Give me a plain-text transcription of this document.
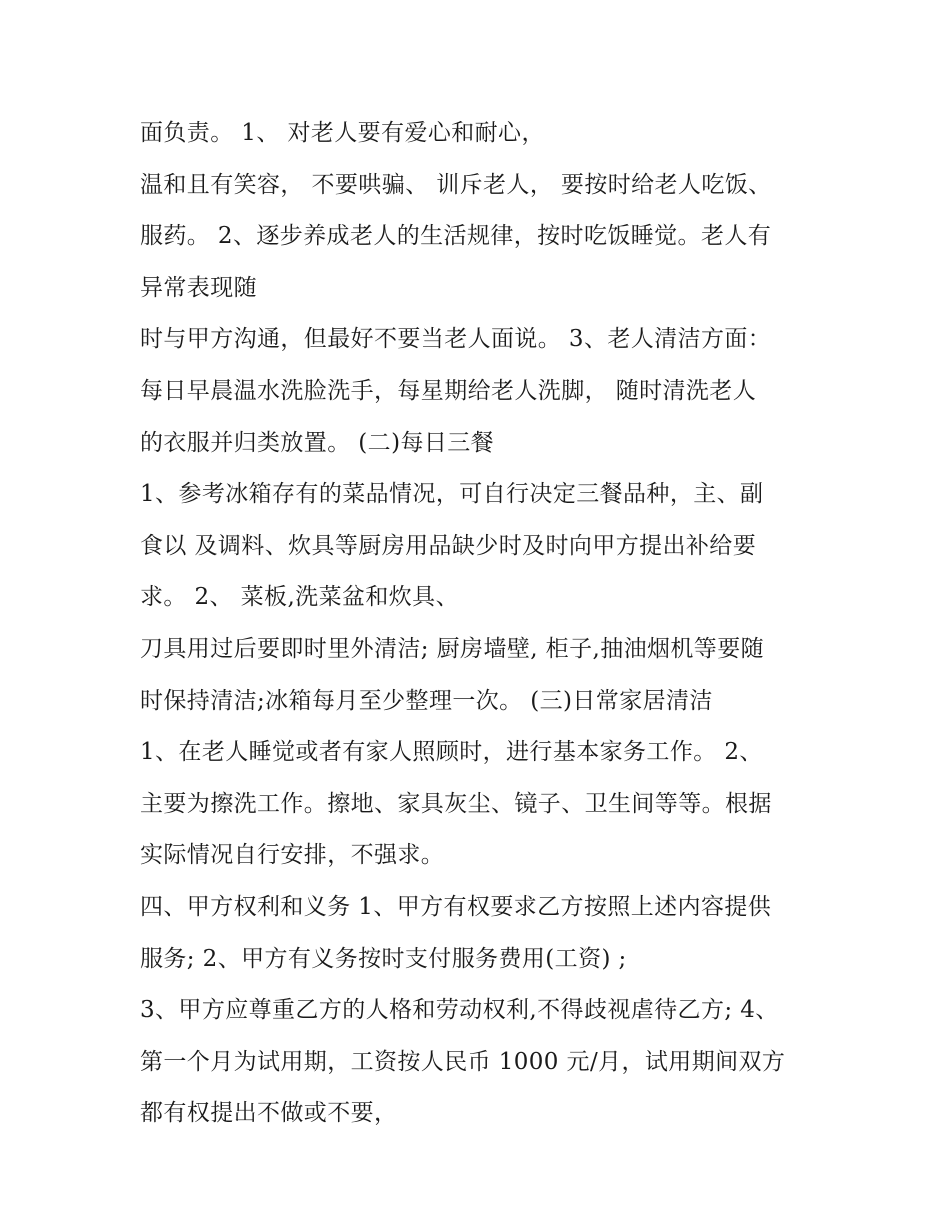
面负责。 1、 对老人要有爱心和耐心，
温和且有笑容， 不要哄骗、 训斥老人， 要按时给老人吃饭、
服药。 2、逐步养成老人的生活规律，按时吃饭睡觉。老人有
异常表现随
时与甲方沟通，但最好不要当老人面说。 3、老人清洁方面：
每日早晨温水洗脸洗手，每星期给老人洗脚， 随时清洗老人
的衣服并归类放置。 (二)每日三餐
1、参考冰箱存有的菜品情况，可自行决定三餐品种，主、副
食以 及调料、炊具等厨房用品缺少时及时向甲方提出补给要
求。 2、 菜板,洗菜盆和炊具、
刀具用过后要即时里外清洁; 厨房墙壁, 柜子,抽油烟机等要随
时保持清洁;冰箱每月至少整理一次。 (三)日常家居清洁
1、在老人睡觉或者有家人照顾时，进行基本家务工作。 2、
主要为擦洗工作。擦地、家具灰尘、镜子、卫生间等等。根据
实际情况自行安排，不强求。
四、甲方权利和义务 1、甲方有权要求乙方按照上述内容提供
服务; 2、甲方有义务按时支付服务费用(工资) ;
3、甲方应尊重乙方的人格和劳动权利,不得歧视虐待乙方; 4、
第一个月为试用期，工资按人民币 1000 元/月，试用期间双方
都有权提出不做或不要，
